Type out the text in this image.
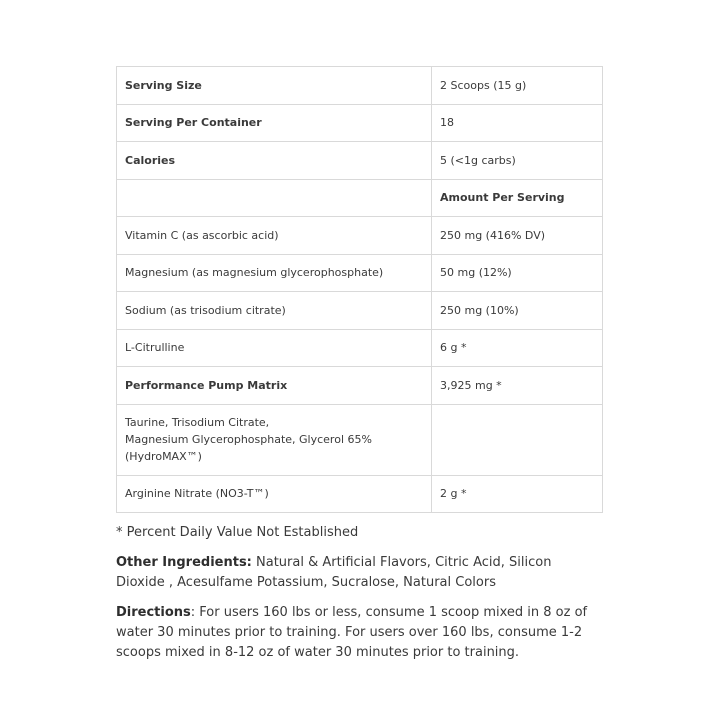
Serving Size	2 Scoops (15 g)
Serving Per Container	18
Calories	5 (<1g carbs)
	Amount Per Serving
Vitamin C (as ascorbic acid)	250 mg (416% DV)
Magnesium (as magnesium glycerophosphate)	50 mg (12%)
Sodium (as trisodium citrate)	250 mg (10%)
L-Citrulline	6 g *
Performance Pump Matrix	3,925 mg *
Taurine, Trisodium Citrate,
Magnesium Glycerophosphate, Glycerol 65%
(HydroMAX™)	
Arginine Nitrate (NO3-T™)	2 g *

* Percent Daily Value Not Established

Other Ingredients: Natural & Artificial Flavors, Citric Acid, Silicon Dioxide , Acesulfame Potassium, Sucralose, Natural Colors

Directions: For users 160 lbs or less, consume 1 scoop mixed in 8 oz of water 30 minutes prior to training. For users over 160 lbs, consume 1-2 scoops mixed in 8-12 oz of water 30 minutes prior to training.
